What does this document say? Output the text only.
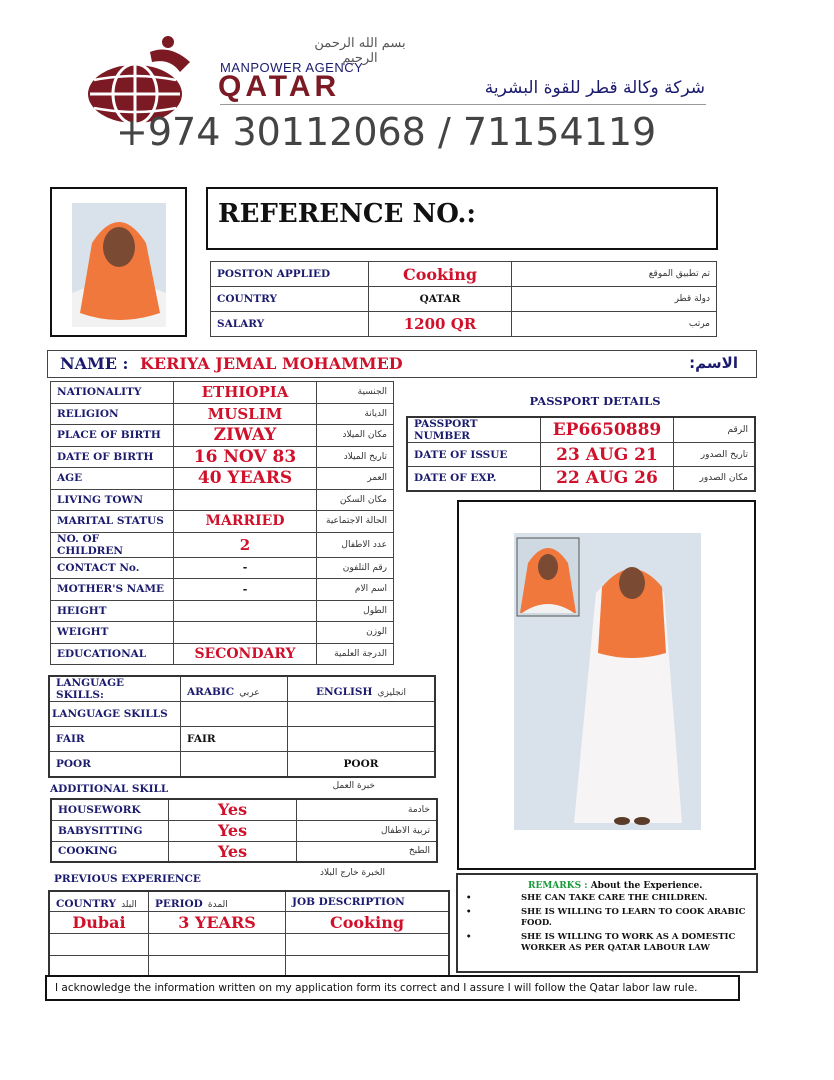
بسم الله الرحمن الرحيم
MANPOWER AGENCY
QATAR	شركة وكالة قطر للقوة البشرية
+974 30112068 / 71154119
REFERENCE NO.:
POSITON APPLIED	Cooking	تم تطبيق الموقع
COUNTRY	QATAR	دولة قطر
SALARY	1200 QR	مرتب
NAME : KERIYA JEMAL MOHAMMED	الاسم:
NATIONALITY	ETHIOPIA	الجنسية
RELIGION	MUSLIM	الديانة
PLACE OF BIRTH	ZIWAY	مكان الميلاد
DATE OF BIRTH	16 NOV 83	تاريخ الميلاد
AGE	40 YEARS	العمر
LIVING TOWN		مكان السكن
MARITAL STATUS	MARRIED	الحالة الاجتماعية
NO. OF CHILDREN	2	عدد الاطفال
CONTACT No.	-	رقم التلفون
MOTHER'S NAME	-	اسم الام
HEIGHT		الطول
WEIGHT		الوزن
EDUCATIONAL	SECONDARY	الدرجة العلمية
PASSPORT DETAILS
PASSPORT NUMBER	EP6650889	الرقم
DATE OF ISSUE	23 AUG 21	تاريخ الصدور
DATE OF EXP.	22 AUG 26	مكان الصدور
LANGUAGE SKILLS:	ARABIC عربي	ENGLISH انجليزي
LANGUAGE SKILLS		
FAIR	FAIR	
POOR		POOR
ADDITIONAL SKILL	خبرة العمل
HOUSEWORK	Yes	خادمة
BABYSITTING	Yes	تربية الاطفال
COOKING	Yes	الطبخ
PREVIOUS EXPERIENCE	الخبرة خارج البلاد
COUNTRY البلد	PERIOD المدة	JOB DESCRIPTION
Dubai	3 YEARS	Cooking

REMARKS : About the Experience.
•	SHE CAN TAKE CARE THE CHILDREN.
•	SHE IS WILLING TO LEARN TO COOK ARABIC FOOD.
•	SHE IS WILLING TO WORK AS A DOMESTIC WORKER AS PER QATAR LABOUR LAW
I acknowledge the information written on my application form its correct and I assure I will follow the Qatar labor law rule.
